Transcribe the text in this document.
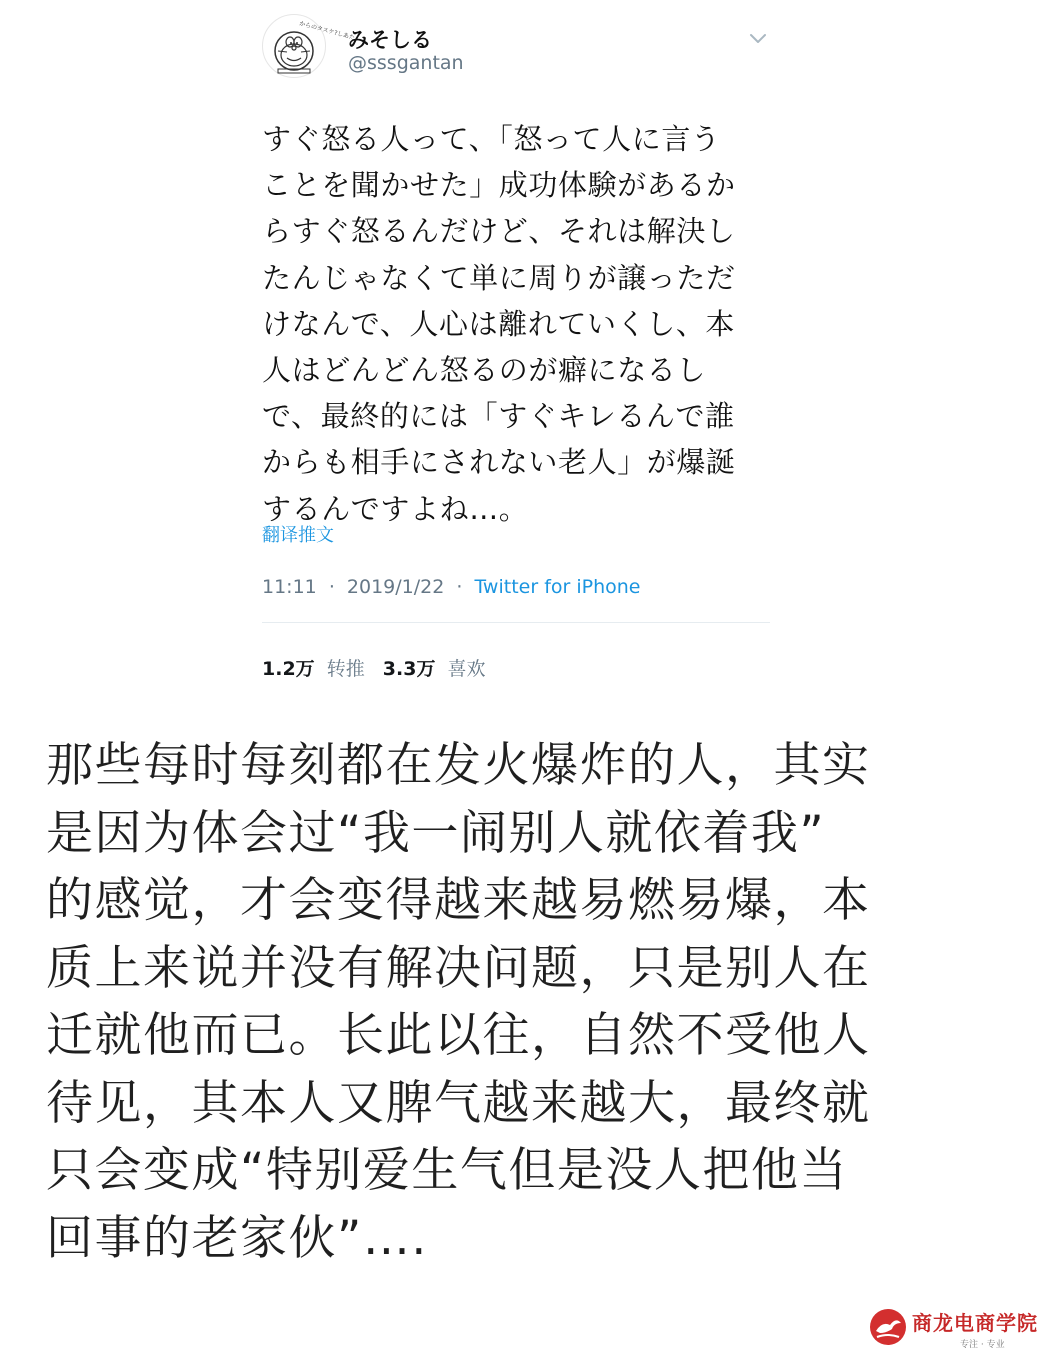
からのタスケ?しあた
みそしる
@sssgantan
すぐ怒る人って、「怒って人に言う
ことを聞かせた」成功体験があるか
らすぐ怒るんだけど、それは解決し
たんじゃなくて単に周りが譲っただ
けなんで、人心は離れていくし、本
人はどんどん怒るのが癖になるし
で、最終的には「すぐキレるんで誰
からも相手にされない老人」が爆誕
するんですよね…。
翻译推文
11:11 · 2019/1/22 · Twitter for iPhone
1.2万 转推 3.3万 喜欢
那些每时每刻都在发火爆炸的人，其实
是因为体会过“我一闹别人就依着我”
的感觉，才会变得越来越易燃易爆，本
质上来说并没有解决问题，只是别人在
迁就他而已。长此以往，自然不受他人
待见，其本人又脾气越来越大，最终就
只会变成“特别爱生气但是没人把他当
回事的老家伙”….
商龙电商学院
专注 · 专业
